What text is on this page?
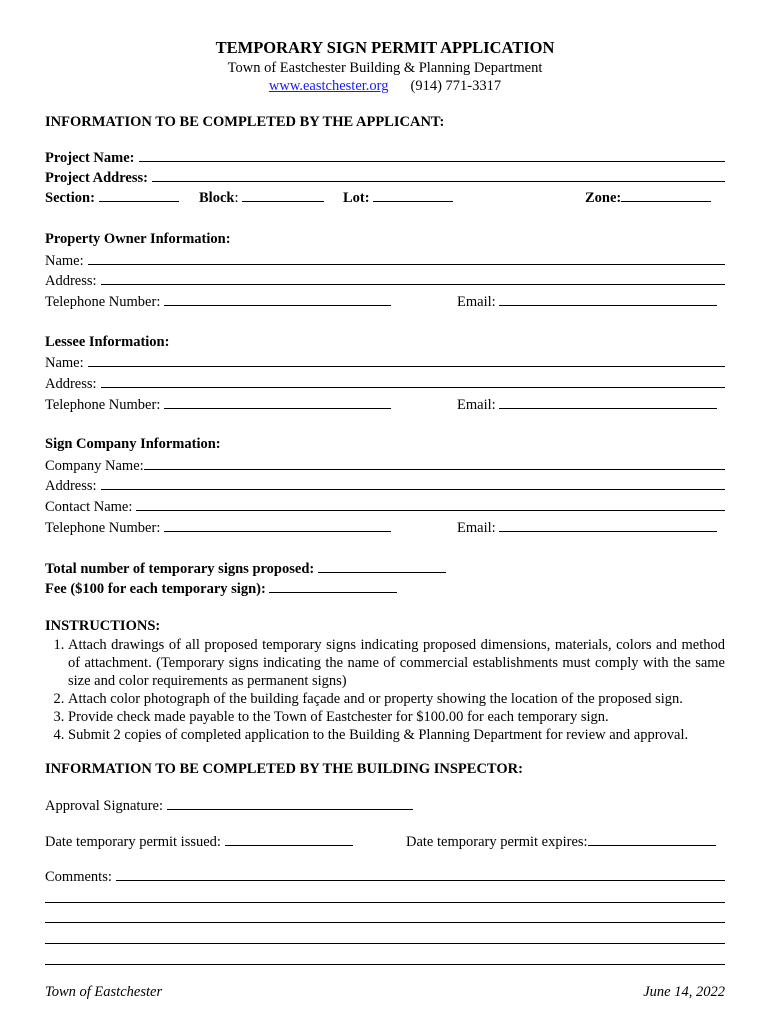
TEMPORARY SIGN PERMIT APPLICATION
Town of Eastchester Building & Planning Department
www.eastchester.org (914) 771-3317
INFORMATION TO BE COMPLETED BY THE APPLICANT:
Project Name:
Project Address:
Section:	Block:	Lot:	Zone:
Property Owner Information:
Name:
Address:
Telephone Number:	Email:
Lessee Information:
Name:
Address:
Telephone Number:	Email:
Sign Company Information:
Company Name:
Address:
Contact Name:
Telephone Number:	Email:
Total number of temporary signs proposed:
Fee ($100 for each temporary sign):
INSTRUCTIONS:
1. Attach drawings of all proposed temporary signs indicating proposed dimensions, materials, colors and method of attachment. (Temporary signs indicating the name of commercial establishments must comply with the same size and color requirements as permanent signs)
2. Attach color photograph of the building façade and or property showing the location of the proposed sign.
3. Provide check made payable to the Town of Eastchester for $100.00 for each temporary sign.
4. Submit 2 copies of completed application to the Building & Planning Department for review and approval.
INFORMATION TO BE COMPLETED BY THE BUILDING INSPECTOR:
Approval Signature:
Date temporary permit issued:	Date temporary permit expires:
Comments:
Town of Eastchester	June 14, 2022
